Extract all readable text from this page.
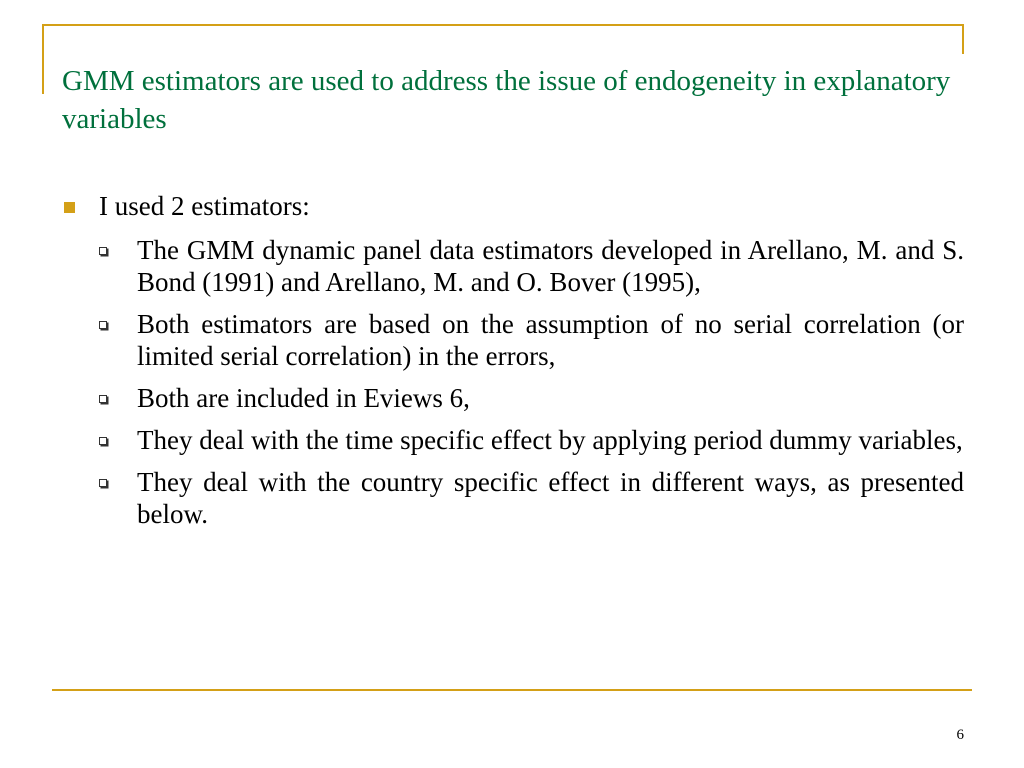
GMM estimators are used to address the issue of endogeneity in explanatory variables
I used 2 estimators:
The GMM dynamic panel data estimators developed in Arellano, M. and S. Bond (1991) and Arellano, M. and O. Bover (1995),
Both estimators are based on the assumption of no serial correlation (or limited serial correlation) in the errors,
Both are included in Eviews 6,
They deal with the time specific effect by applying period dummy variables,
They deal with the country specific effect in different ways, as presented below.
6
